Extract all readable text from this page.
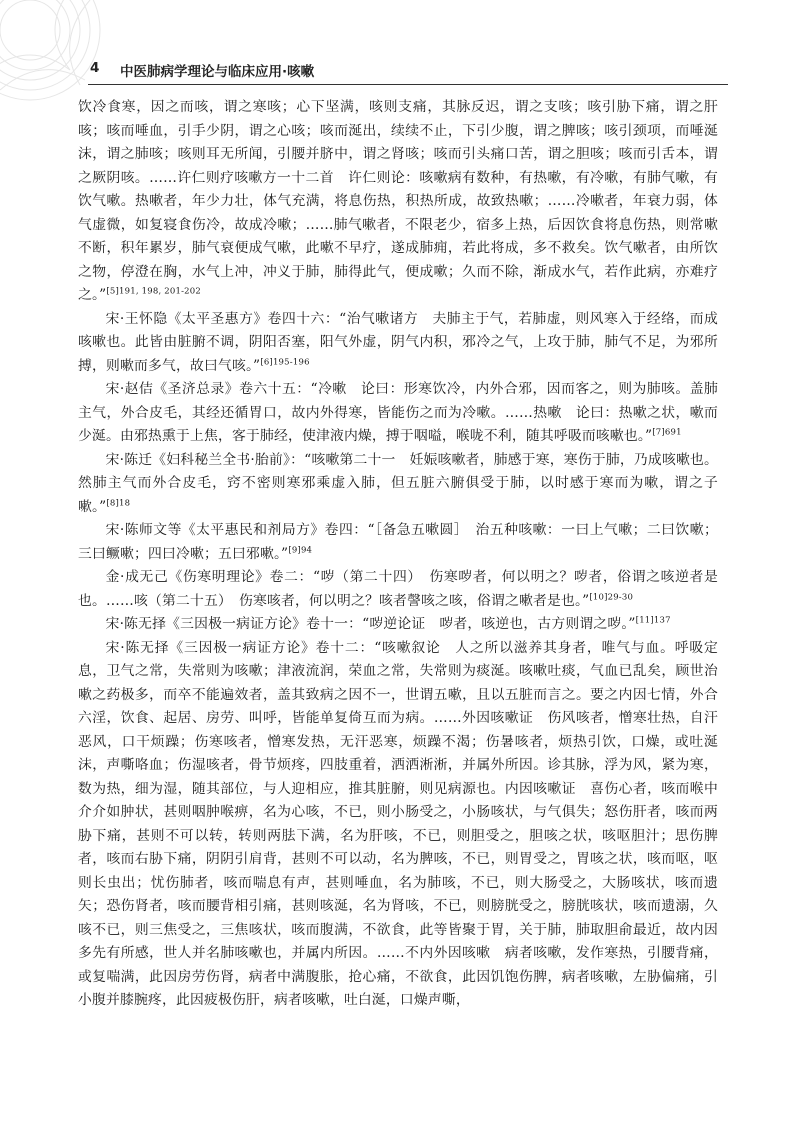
4 中医肺病学理论与临床应用·咳嗽

饮冷食寒，因之而咳，谓之寒咳；心下坚满，咳则支痛，其脉反迟，谓之支咳；咳引胁下痛，谓之肝咳；咳而唾血，引手少阴，谓之心咳；咳而涎出，续续不止，下引少腹，谓之脾咳；咳引颈项，而唾涎沫，谓之肺咳；咳则耳无所闻，引腰并脐中，谓之肾咳；咳而引头痛口苦，谓之胆咳；咳而引舌本，谓之厥阴咳。……许仁则疗咳嗽方一十二首　许仁则论：咳嗽病有数种，有热嗽，有冷嗽，有肺气嗽，有饮气嗽。热嗽者，年少力壮，体气充满，将息伤热，积热所成，故致热嗽；……冷嗽者，年衰力弱，体气虚微，如复寝食伤冷，故成冷嗽；……肺气嗽者，不限老少，宿多上热，后因饮食将息伤热，则常嗽不断，积年累岁，肺气衰便成气嗽，此嗽不早疗，遂成肺痈，若此将成，多不救矣。饮气嗽者，由所饮之物，停澄在胸，水气上冲，冲义于肺，肺得此气，便成嗽；久而不除，渐成水气，若作此病，亦难疗之。”$^{[5]191, 198, 201-202}$

宋·王怀隐《太平圣惠方》卷四十六：“治气嗽诸方　夫肺主于气，若肺虚，则风寒入于经络，而成咳嗽也。此皆由脏腑不调，阴阳否塞，阳气外虚，阴气内积，邪冷之气，上攻于肺，肺气不足，为邪所搏，则嗽而多气，故曰气咳。”$^{[6]195-196}$

宋·赵佶《圣济总录》卷六十五：“冷嗽　论曰：形寒饮冷，内外合邪，因而客之，则为肺咳。盖肺主气，外合皮毛，其经还循胃口，故内外得寒，皆能伤之而为冷嗽。……热嗽　论曰：热嗽之状，嗽而少涎。由邪热熏于上焦，客于肺经，使津液内燥，搏于咽嗌，喉咙不利，随其呼吸而咳嗽也。”$^{[7]691}$

宋·陈迁《妇科秘兰全书·胎前》：“咳嗽第二十一　妊娠咳嗽者，肺感于寒，寒伤于肺，乃成咳嗽也。然肺主气而外合皮毛，窍不密则寒邪乘虚入肺，但五脏六腑俱受于肺，以时感于寒而为嗽，谓之子嗽。”$^{[8]18}$

宋·陈师文等《太平惠民和剂局方》卷四：“［备急五嗽圆］　治五种咳嗽：一曰上气嗽；二曰饮嗽；三曰鳜嗽；四曰冷嗽；五曰邪嗽。”$^{[9]94}$

金·成无己《伤寒明理论》卷二：“哕（第二十四）　伤寒哕者，何以明之？哕者，俗谓之咳逆者是也。……咳（第二十五）　伤寒咳者，何以明之？咳者謦咳之咳，俗谓之嗽者是也。”$^{[10]29-30}$

宋·陈无择《三因极一病证方论》卷十一：“哕逆论证　哕者，咳逆也，古方则谓之哕。”$^{[11]137}$

宋·陈无择《三因极一病证方论》卷十二：“咳嗽叙论　人之所以滋养其身者，唯气与血。呼吸定息，卫气之常，失常则为咳嗽；津液流润，荣血之常，失常则为痰涎。咳嗽吐痰，气血已乱矣，顾世治嗽之药极多，而卒不能遍效者，盖其致病之因不一，世谓五嗽，且以五脏而言之。要之内因七情，外合六淫，饮食、起居、房劳、叫呼，皆能单复倚互而为病。……外因咳嗽证　伤风咳者，憎寒壮热，自汗恶风，口干烦躁；伤寒咳者，憎寒发热，无汗恶寒，烦躁不渴；伤暑咳者，烦热引饮，口燥，或吐涎沫，声嘶咯血；伤湿咳者，骨节烦疼，四肢重着，洒洒淅淅，并属外所因。诊其脉，浮为风，紧为寒，数为热，细为湿，随其部位，与人迎相应，推其脏腑，则见病源也。内因咳嗽证　喜伤心者，咳而喉中介介如肿状，甚则咽肿喉痹，名为心咳，不已，则小肠受之，小肠咳状，与气俱失；怒伤肝者，咳而两胁下痛，甚则不可以转，转则两胠下满，名为肝咳，不已，则胆受之，胆咳之状，咳呕胆汁；思伤脾者，咳而右胁下痛，阴阴引肩背，甚则不可以动，名为脾咳，不已，则胃受之，胃咳之状，咳而呕，呕则长虫出；忧伤肺者，咳而喘息有声，甚则唾血，名为肺咳，不已，则大肠受之，大肠咳状，咳而遗矢；恐伤肾者，咳而腰背相引痛，甚则咳涎，名为肾咳，不已，则膀胱受之，膀胱咳状，咳而遗溺，久咳不已，则三焦受之，三焦咳状，咳而腹满，不欲食，此等皆聚于胃，关于肺，肺取胆俞最近，故内因多先有所感，世人并名肺咳嗽也，并属内所因。……不内外因咳嗽　病者咳嗽，发作寒热，引腰背痛，或复喘满，此因房劳伤肾，病者中满腹胀，抢心痛，不欲食，此因饥饱伤脾，病者咳嗽，左胁偏痛，引小腹并膝腕疼，此因疲极伤肝，病者咳嗽，吐白涎，口燥声嘶，
